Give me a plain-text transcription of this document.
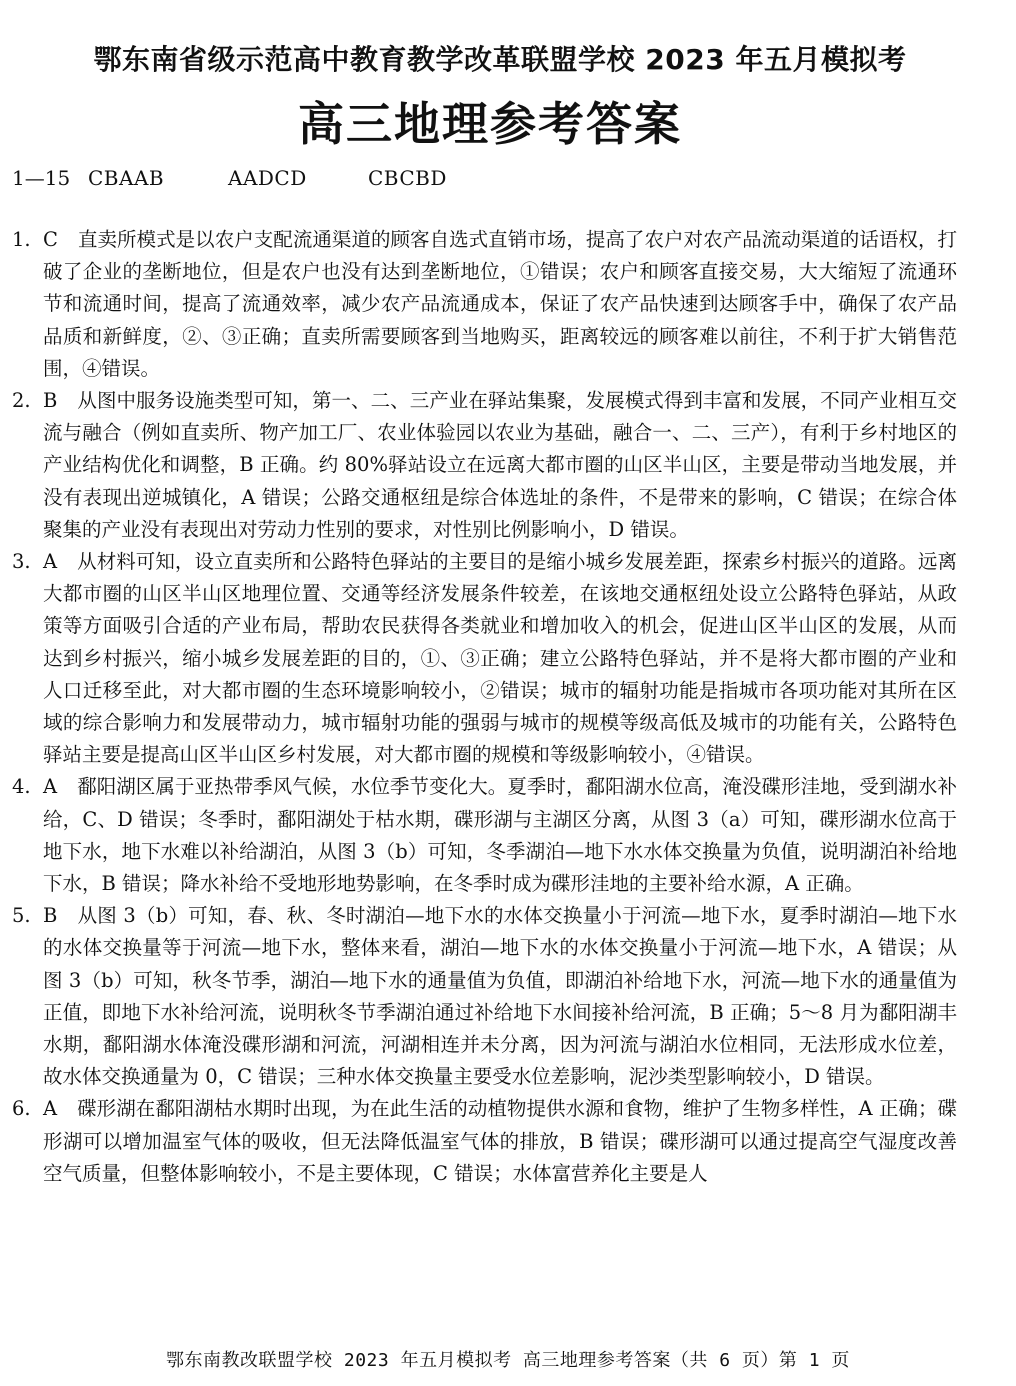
鄂东南省级示范高中教育教学改革联盟学校 2023 年五月模拟考
高三地理参考答案
1—15 CBAAB	AADCD	CBCBD
1. C 直卖所模式是以农户支配流通渠道的顾客自选式直销市场，提高了农户对农产品流动渠道的话语权，打破了企业的垄断地位，但是农户也没有达到垄断地位，①错误；农户和顾客直接交易，大大缩短了流通环节和流通时间，提高了流通效率，减少农产品流通成本，保证了农产品快速到达顾客手中，确保了农产品品质和新鲜度，②、③正确；直卖所需要顾客到当地购买，距离较远的顾客难以前往，不利于扩大销售范围，④错误。
2. B 从图中服务设施类型可知，第一、二、三产业在驿站集聚，发展模式得到丰富和发展，不同产业相互交流与融合（例如直卖所、物产加工厂、农业体验园以农业为基础，融合一、二、三产），有利于乡村地区的产业结构优化和调整，B 正确。约 80%驿站设立在远离大都市圈的山区半山区，主要是带动当地发展，并没有表现出逆城镇化，A 错误；公路交通枢纽是综合体选址的条件，不是带来的影响，C 错误；在综合体聚集的产业没有表现出对劳动力性别的要求，对性别比例影响小，D 错误。
3. A 从材料可知，设立直卖所和公路特色驿站的主要目的是缩小城乡发展差距，探索乡村振兴的道路。远离大都市圈的山区半山区地理位置、交通等经济发展条件较差，在该地交通枢纽处设立公路特色驿站，从政策等方面吸引合适的产业布局，帮助农民获得各类就业和增加收入的机会，促进山区半山区的发展，从而达到乡村振兴，缩小城乡发展差距的目的，①、③正确；建立公路特色驿站，并不是将大都市圈的产业和人口迁移至此，对大都市圈的生态环境影响较小，②错误；城市的辐射功能是指城市各项功能对其所在区域的综合影响力和发展带动力，城市辐射功能的强弱与城市的规模等级高低及城市的功能有关，公路特色驿站主要是提高山区半山区乡村发展，对大都市圈的规模和等级影响较小，④错误。
4. A 鄱阳湖区属于亚热带季风气候，水位季节变化大。夏季时，鄱阳湖水位高，淹没碟形洼地，受到湖水补给，C、D 错误；冬季时，鄱阳湖处于枯水期，碟形湖与主湖区分离，从图 3（a）可知，碟形湖水位高于地下水，地下水难以补给湖泊，从图 3（b）可知，冬季湖泊—地下水水体交换量为负值，说明湖泊补给地下水，B 错误；降水补给不受地形地势影响，在冬季时成为碟形洼地的主要补给水源，A 正确。
5. B 从图 3（b）可知，春、秋、冬时湖泊—地下水的水体交换量小于河流—地下水，夏季时湖泊—地下水的水体交换量等于河流—地下水，整体来看，湖泊—地下水的水体交换量小于河流—地下水，A 错误；从图 3（b）可知，秋冬节季，湖泊—地下水的通量值为负值，即湖泊补给地下水，河流—地下水的通量值为正值，即地下水补给河流，说明秋冬节季湖泊通过补给地下水间接补给河流，B 正确；5～8 月为鄱阳湖丰水期，鄱阳湖水体淹没碟形湖和河流，河湖相连并未分离，因为河流与湖泊水位相同，无法形成水位差，故水体交换通量为 0，C 错误；三种水体交换量主要受水位差影响，泥沙类型影响较小，D 错误。
6. A 碟形湖在鄱阳湖枯水期时出现，为在此生活的动植物提供水源和食物，维护了生物多样性，A 正确；碟形湖可以增加温室气体的吸收，但无法降低温室气体的排放，B 错误；碟形湖可以通过提高空气湿度改善空气质量，但整体影响较小，不是主要体现，C 错误；水体富营养化主要是人
鄂东南教改联盟学校 2023 年五月模拟考 高三地理参考答案（共 6 页）第 1 页
